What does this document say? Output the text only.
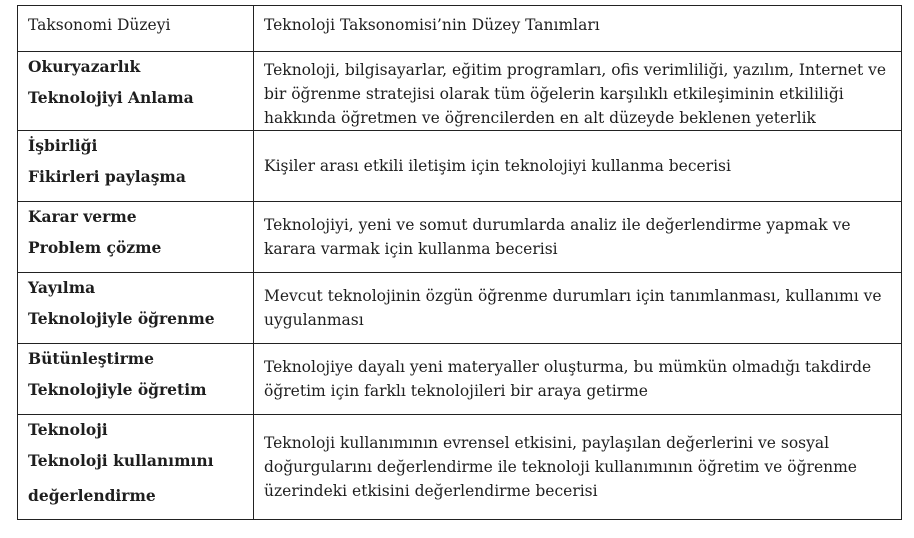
Taksonomi Düzeyi	Teknoloji Taksonomisi’nin Düzey Tanımları

Okuryazarlık
Teknolojiyi Anlama	Teknoloji, bilgisayarlar, eğitim programları, ofis verimliliği, yazılım, Internet ve bir öğrenme stratejisi olarak tüm öğelerin karşılıklı etkileşiminin etkililiği hakkında öğretmen ve öğrencilerden en alt düzeyde beklenen yeterlik

İşbirliği
Fikirleri paylaşma	Kişiler arası etkili iletişim için teknolojiyi kullanma becerisi

Karar verme
Problem çözme	Teknolojiyi, yeni ve somut durumlarda analiz ile değerlendirme yapmak ve karara varmak için kullanma becerisi

Yayılma
Teknolojiyle öğrenme	Mevcut teknolojinin özgün öğrenme durumları için tanımlanması, kullanımı ve uygulanması

Bütünleştirme
Teknolojiyle öğretim	Teknolojiye dayalı yeni materyaller oluşturma, bu mümkün olmadığı takdirde öğretim için farklı teknolojileri bir araya getirme

Teknoloji
Teknoloji kullanımını
değerlendirme	Teknoloji kullanımının evrensel etkisini, paylaşılan değerlerini ve sosyal doğurgularını değerlendirme ile teknoloji kullanımının öğretim ve öğrenme üzerindeki etkisini değerlendirme becerisi
